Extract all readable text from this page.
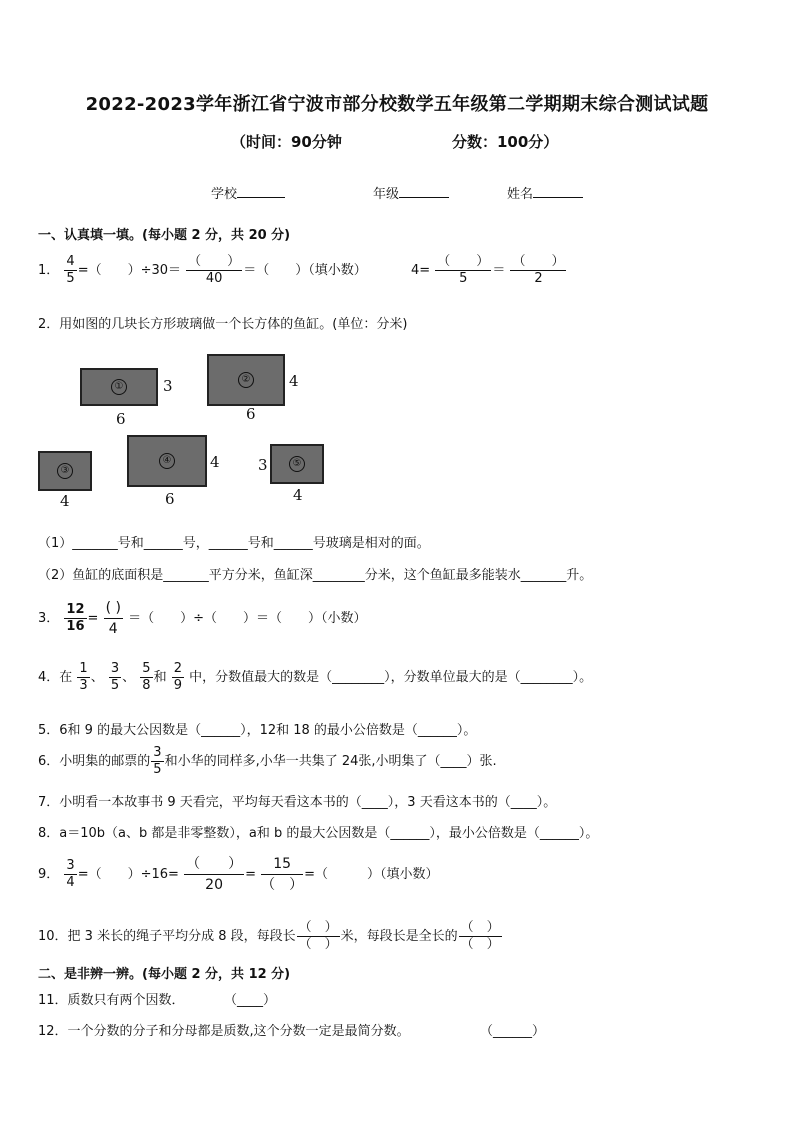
2022-2023学年浙江省宁波市部分校数学五年级第二学期期末综合测试试题
（时间：90分钟	分数：100分）
学校	年级	姓名
一、认真填一填。(每小题 2 分，共 20 分)
1． $\frac{4}{5}$ =（　　）$\div 30= \frac{( )}{40}$ ＝（　　）（填小数）	$4= \frac{( )}{5} = \frac{( )}{2}$
2．用如图的几块长方形玻璃做一个长方体的鱼缸。(单位：分米)
①	3
6
②	4
6
③
4
④	4
6
⑤
3
4
（1）_______号和______号，______号和______号玻璃是相对的面。
（2）鱼缸的底面积是_______平方分米，鱼缸深________分米，这个鱼缸最多能装水_______升。
3． $\frac{12}{16} = \frac{( )}{4}$ ＝（　　）÷（　　）＝（　　）（小数）
4．在 $\frac{1}{3}$ 、 $\frac{3}{5}$ 、 $\frac{5}{8}$ 和 $\frac{2}{9}$ 中，分数值最大的数是（________），分数单位最大的是（________）。
5．6和 9 的最大公因数是（______），12和 18 的最小公倍数是（______）。
6．小明集的邮票的 $\frac{3}{5}$ 和小华的同样多,小华一共集了 24张,小明集了（____）张.
7．小明看一本故事书 9 天看完，平均每天看这本书的（____），3 天看这本书的（____）。
8．a＝10b（a、b 都是非零整数），a和 b 的最大公因数是（______），最小公倍数是（______）。
9． $\frac{3}{4}$ =（　　）$\div 16= \frac{( )}{20} = \frac{15}{( )}$ =（　　　）（填小数）
10．把 3 米长的绳子平均分成 8 段，每段长 $\frac{( )}{( )}$ 米，每段长是全长的 $\frac{( )}{( )}$
二、是非辨一辨。(每小题 2 分，共 12 分)
11．质数只有两个因数．	（____）
12．一个分数的分子和分母都是质数,这个分数一定是最简分数。	（______）
